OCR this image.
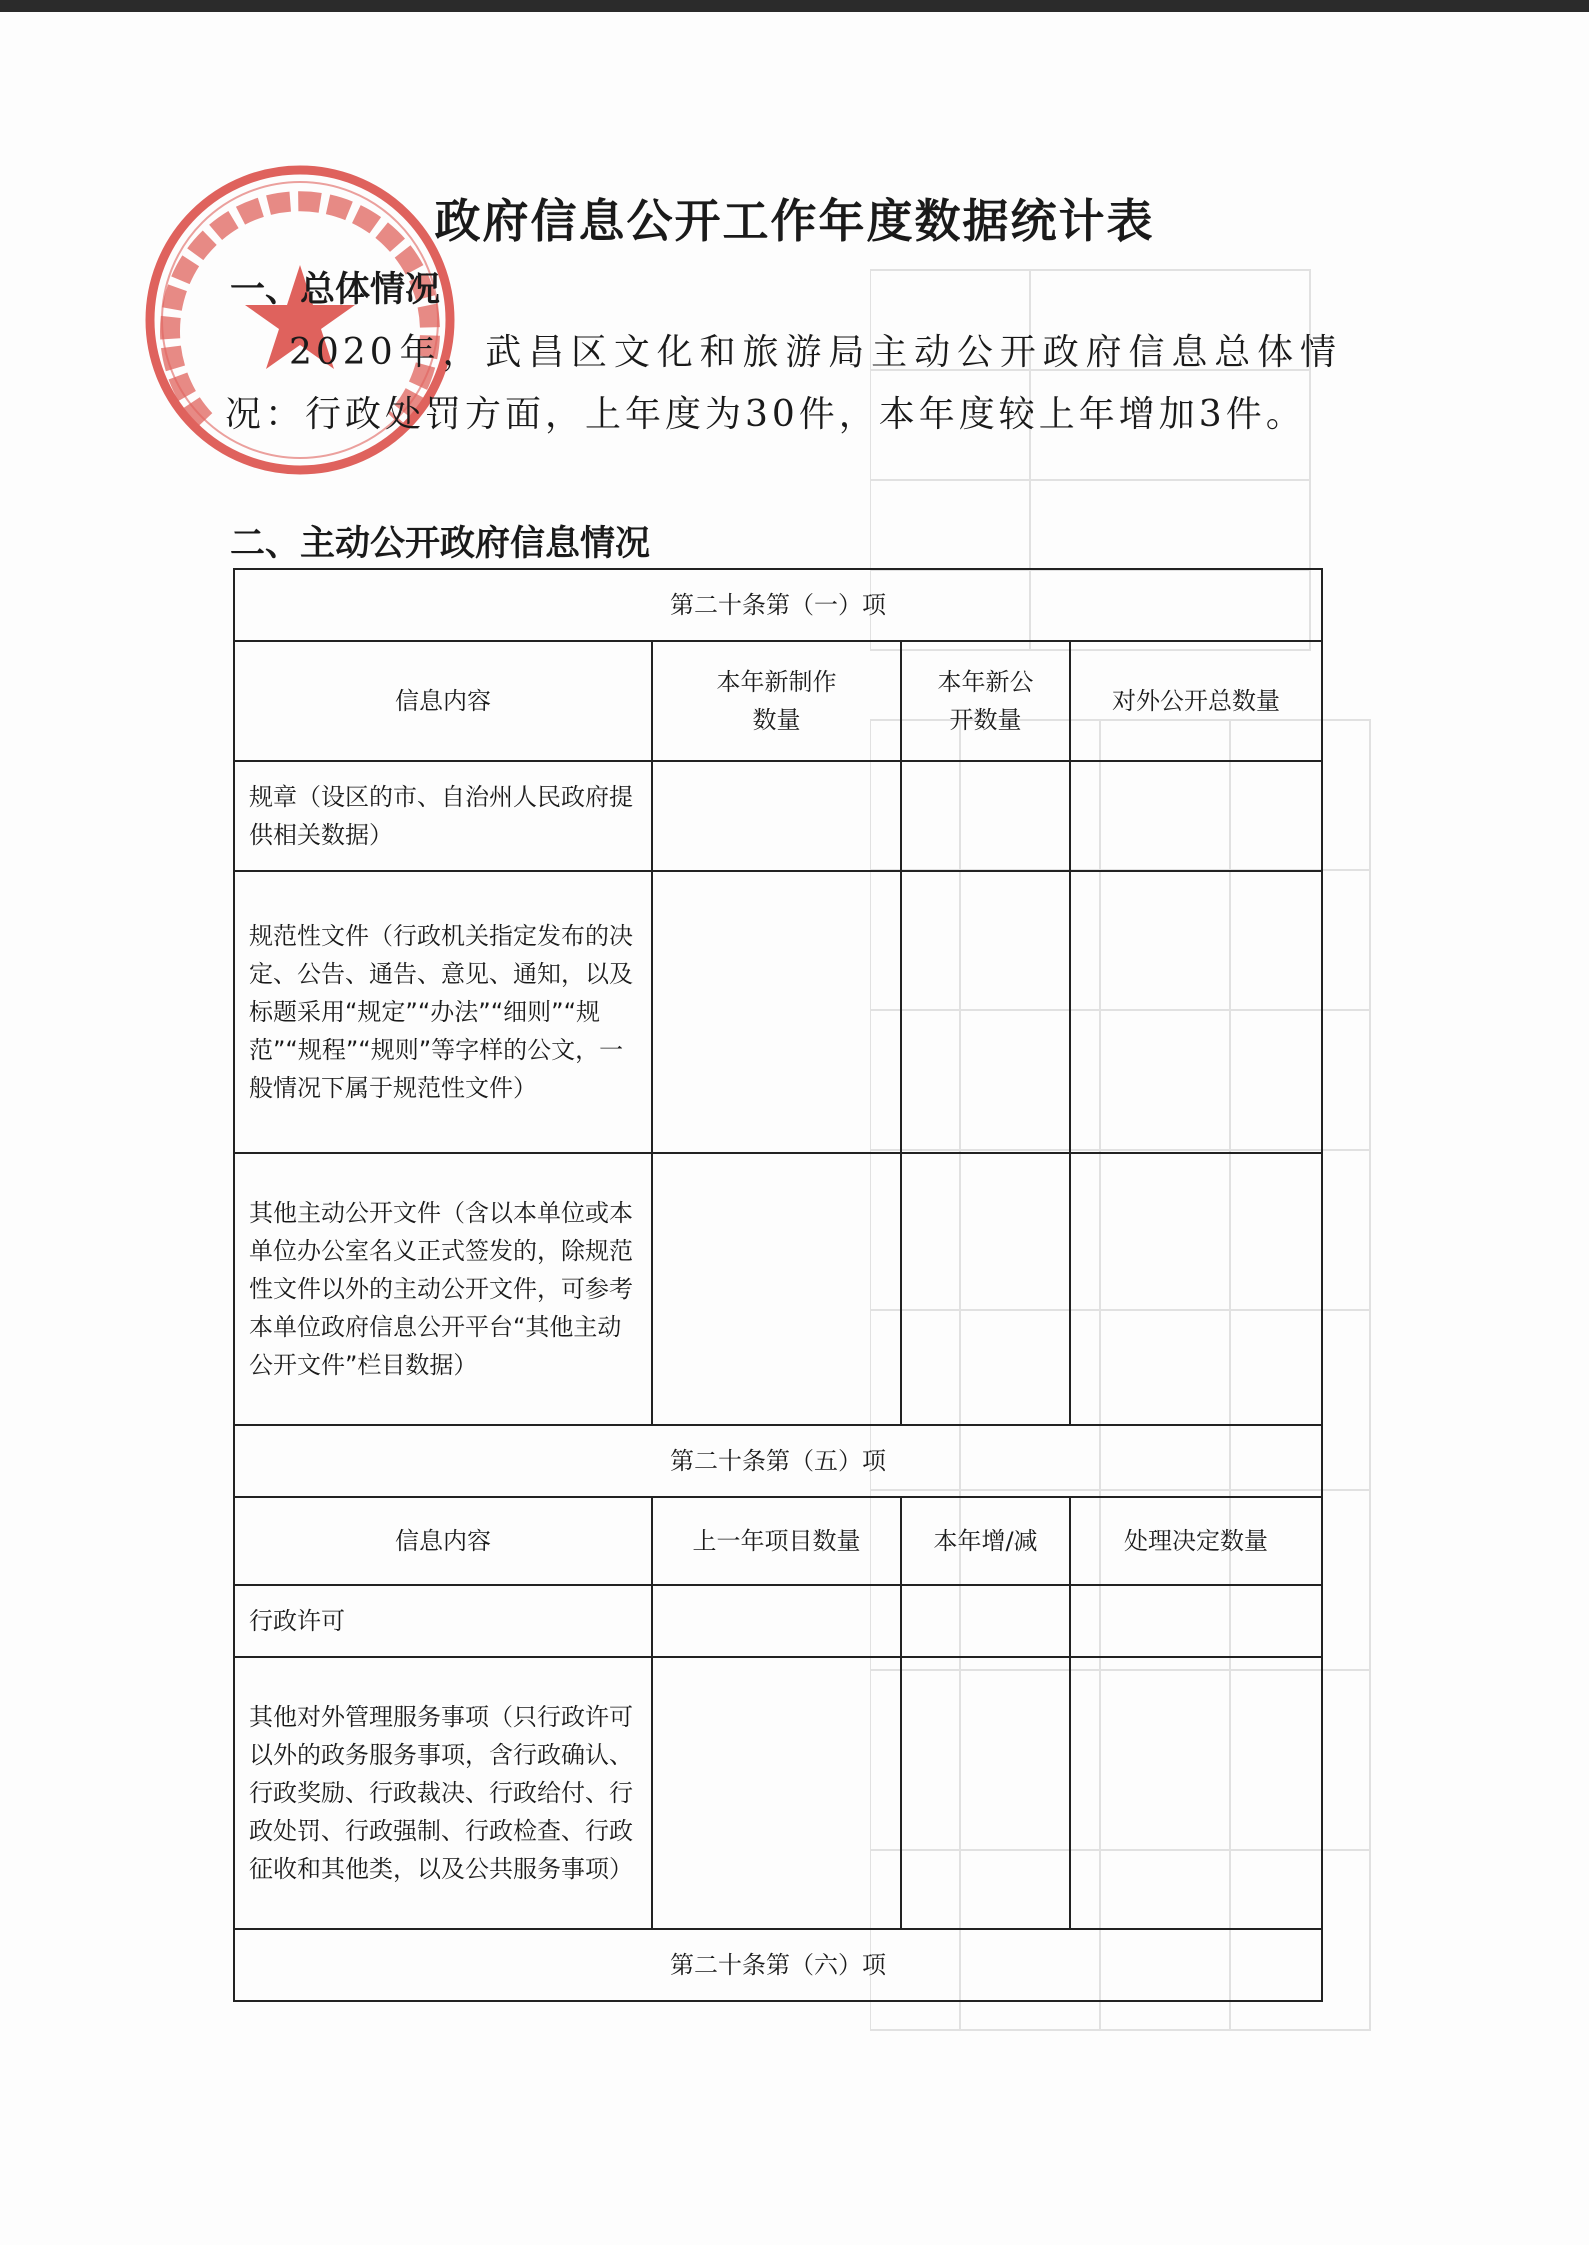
政府信息公开工作年度数据统计表
一、总体情况
2020年，武昌区文化和旅游局主动公开政府信息总体情况：行政处罚方面，上年度为30件，本年度较上年增加3件。
二、主动公开政府信息情况
第二十条第（一）项			
信息内容	本年新制作数量	本年新公开数量	对外公开总数量
规章（设区的市、自治州人民政府提供相关数据）			
规范性文件（行政机关指定发布的决定、公告、通告、意见、通知，以及标题采用“规定”“办法”“细则”“规范”“规程”“规则”等字样的公文，一般情况下属于规范性文件）			
其他主动公开文件（含以本单位或本单位办公室名义正式签发的，除规范性文件以外的主动公开文件，可参考本单位政府信息公开平台“其他主动公开文件”栏目数据）			
第二十条第（五）项			
信息内容	上一年项目数量	本年增/减	处理决定数量
行政许可			
其他对外管理服务事项（只行政许可以外的政务服务事项，含行政确认、行政奖励、行政裁决、行政给付、行政处罚、行政强制、行政检查、行政征收和其他类，以及公共服务事项）			
第二十条第（六）项			
